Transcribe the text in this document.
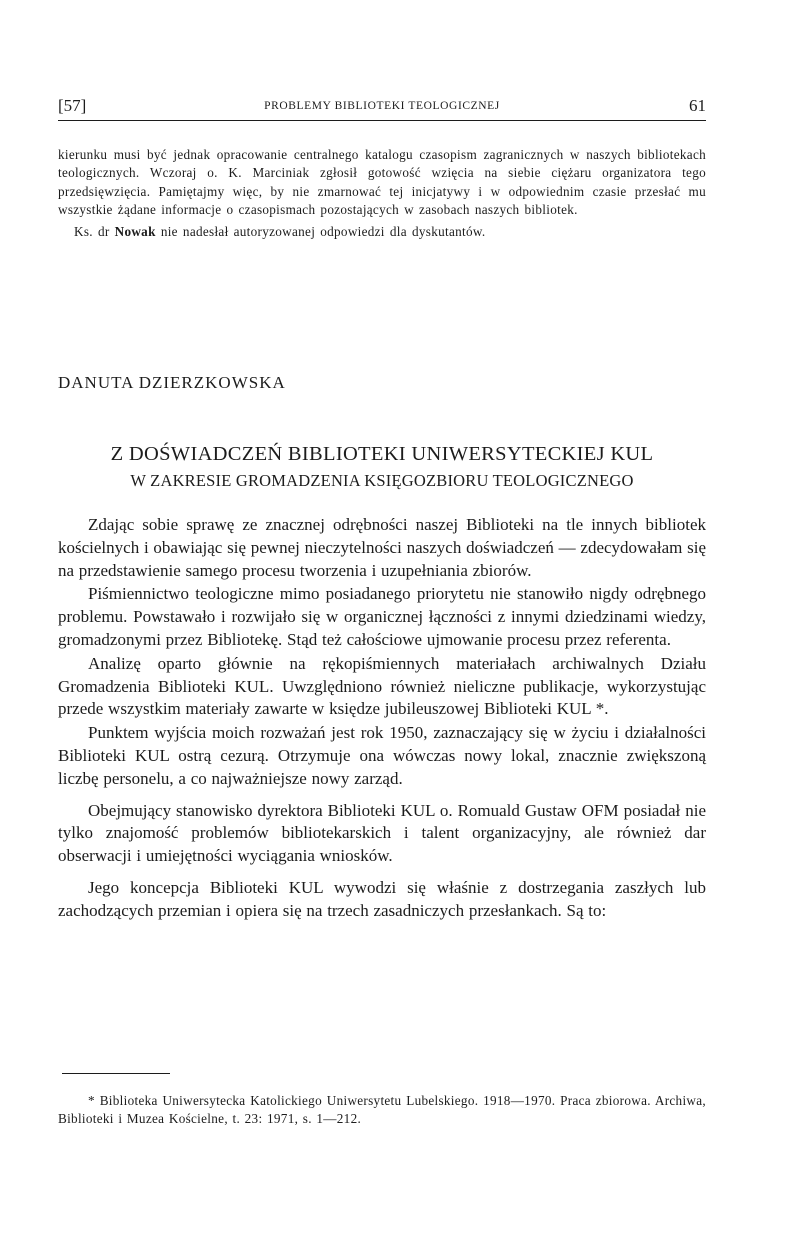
[57]	PROBLEMY BIBLIOTEKI TEOLOGICZNEJ	61

kierunku musi być jednak opracowanie centralnego katalogu czasopism zagranicznych w naszych bibliotekach teologicznych. Wczoraj o. K. Marciniak zgłosił gotowość wzięcia na siebie ciężaru organizatora tego przedsięwzięcia. Pamiętajmy więc, by nie zmarnować tej inicjatywy i w odpowiednim czasie przesłać mu wszystkie żądane informacje o czasopismach pozostających w zasobach naszych bibliotek.

Ks. dr Nowak nie nadesłał autoryzowanej odpowiedzi dla dyskutantów.

DANUTA DZIERZKOWSKA
Z DOŚWIADCZEŃ BIBLIOTEKI UNIWERSYTECKIEJ KUL
W ZAKRESIE GROMADZENIA KSIĘGOZBIORU TEOLOGICZNEGO

Zdając sobie sprawę ze znacznej odrębności naszej Biblioteki na tle innych bibliotek kościelnych i obawiając się pewnej nieczytelności naszych doświadczeń — zdecydowałam się na przedstawienie samego procesu tworzenia i uzupełniania zbiorów.

Piśmiennictwo teologiczne mimo posiadanego priorytetu nie stanowiło nigdy odrębnego problemu. Powstawało i rozwijało się w organicznej łączności z innymi dziedzinami wiedzy, gromadzonymi przez Bibliotekę. Stąd też całościowe ujmowanie procesu przez referenta.

Analizę oparto głównie na rękopiśmiennych materiałach archiwalnych Działu Gromadzenia Biblioteki KUL. Uwzględniono również nieliczne publikacje, wykorzystując przede wszystkim materiały zawarte w księdze jubileuszowej Biblioteki KUL *.

Punktem wyjścia moich rozważań jest rok 1950, zaznaczający się w życiu i działalności Biblioteki KUL ostrą cezurą. Otrzymuje ona wówczas nowy lokal, znacznie zwiększoną liczbę personelu, a co najważniejsze nowy zarząd.

Obejmujący stanowisko dyrektora Biblioteki KUL o. Romuald Gustaw OFM posiadał nie tylko znajomość problemów bibliotekarskich i talent organizacyjny, ale również dar obserwacji i umiejętności wyciągania wniosków.

Jego koncepcja Biblioteki KUL wywodzi się właśnie z dostrzegania zaszłych lub zachodzących przemian i opiera się na trzech zasadniczych przesłankach. Są to:

* Biblioteka Uniwersytecka Katolickiego Uniwersytetu Lubelskiego. 1918—1970. Praca zbiorowa. Archiwa, Biblioteki i Muzea Kościelne, t. 23: 1971, s. 1—212.
